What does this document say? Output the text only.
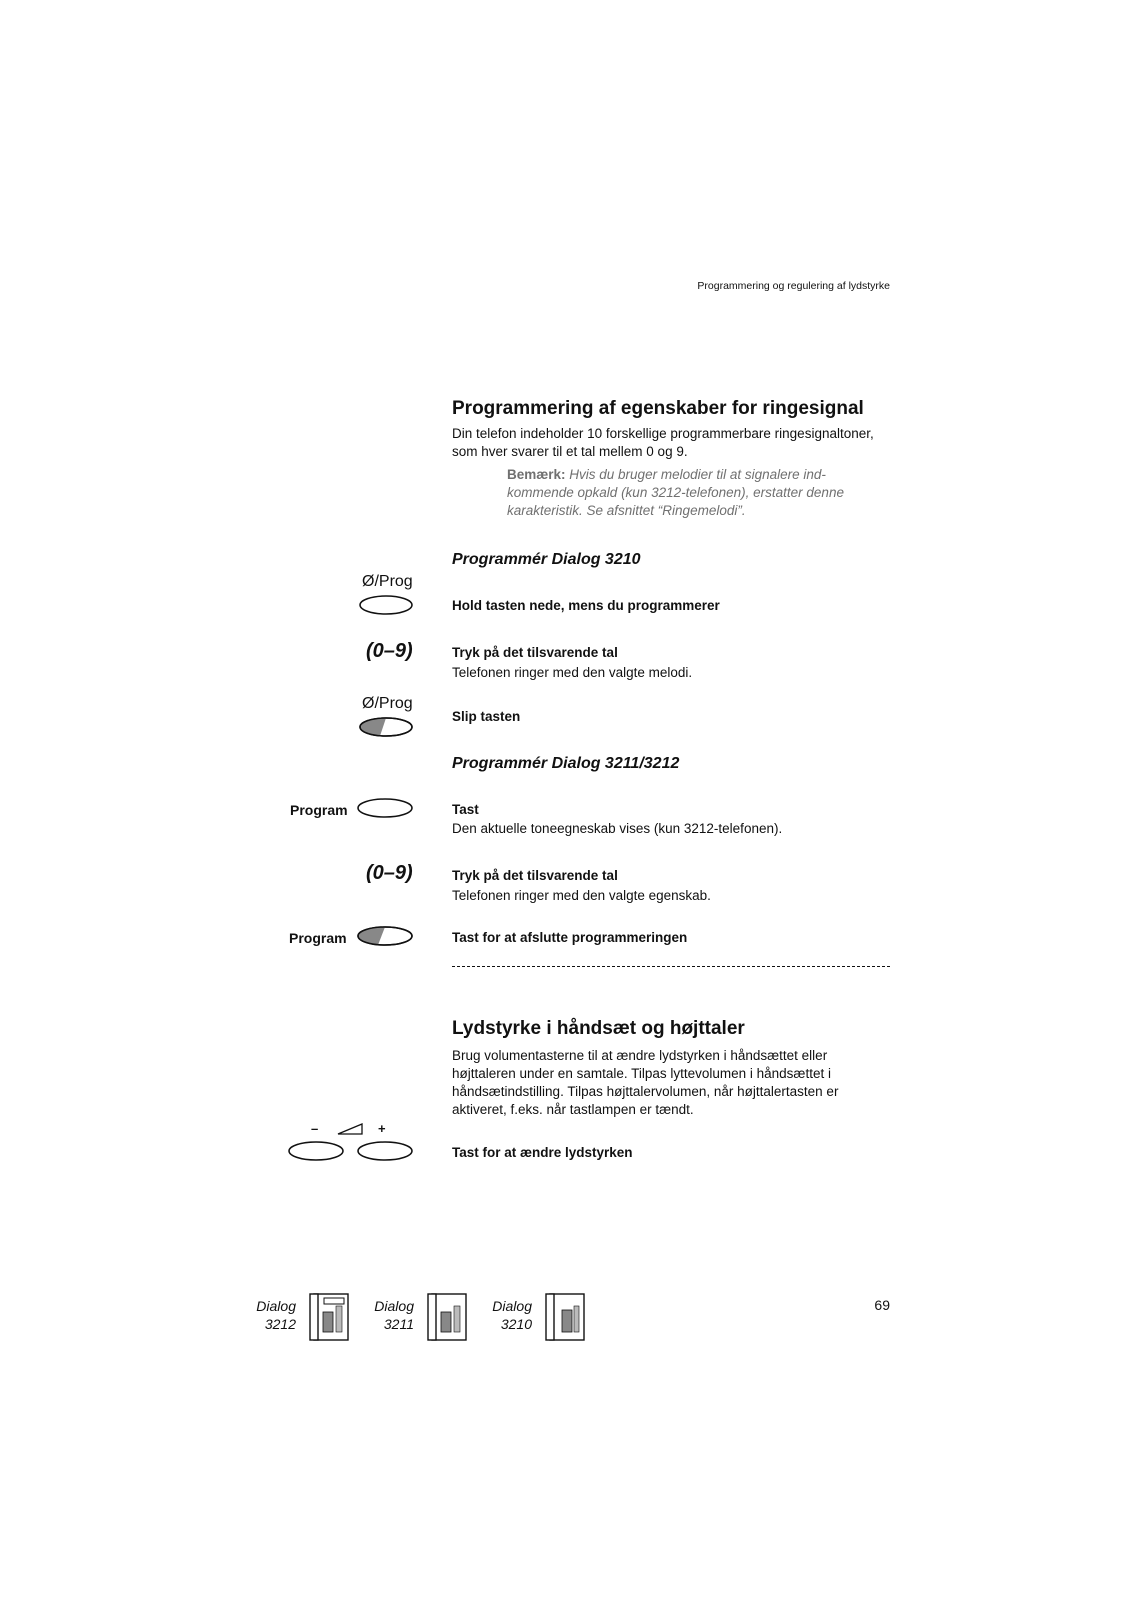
Programmering og regulering af lydstyrke
Programmering af egenskaber for ringesignal
Din telefon indeholder 10 forskellige programmerbare ringesignaltoner,
som hver svarer til et tal mellem 0 og 9.
Bemærk: Hvis du bruger melodier til at signalere ind-
kommende opkald (kun 3212-telefonen), erstatter denne
karakteristik. Se afsnittet “Ringemelodi”.
Programmér Dialog 3210
Ø/Prog
Hold tasten nede, mens du programmerer
(0–9)	Tryk på det tilsvarende tal
Telefonen ringer med den valgte melodi.
Ø/Prog
Slip tasten
Programmér Dialog 3211/3212
Program	Tast
Den aktuelle toneegneskab vises (kun 3212-telefonen).
(0–9)	Tryk på det tilsvarende tal
Telefonen ringer med den valgte egenskab.
Program	Tast for at afslutte programmeringen
Lydstyrke i håndsæt og højttaler
Brug volumentasterne til at ændre lydstyrken i håndsættet eller
højttaleren under en samtale. Tilpas lyttevolumen i håndsættet i
håndsætindstilling. Tilpas højttalervolumen, når højttalertasten er
aktiveret, f.eks. når tastlampen er tændt.
–	+
Tast for at ændre lydstyrken
Dialog
3212
Dialog
3211
Dialog
3210
69
